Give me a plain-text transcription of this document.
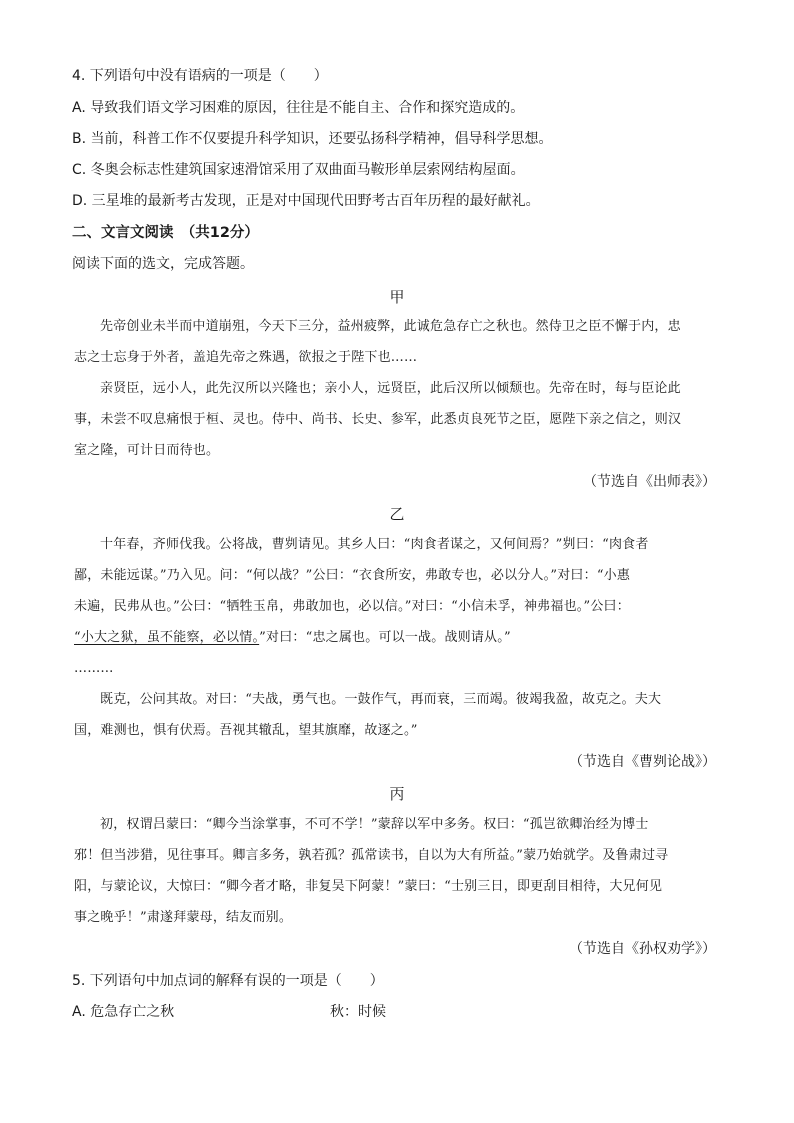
4. 下列语句中没有语病的一项是（　　）
A. 导致我们语文学习困难的原因，往往是不能自主、合作和探究造成的。
B. 当前，科普工作不仅要提升科学知识，还要弘扬科学精神，倡导科学思想。
C. 冬奥会标志性建筑国家速滑馆采用了双曲面马鞍形单层索网结构屋面。
D. 三星堆的最新考古发现，正是对中国现代田野考古百年历程的最好献礼。
二、文言文阅读　（共12分）
阅读下面的选文，完成答题。
甲
先帝创业未半而中道崩殂，今天下三分，益州疲弊，此诚危急存亡之秋也。然侍卫之臣不懈于内，忠
志之士忘身于外者，盖追先帝之殊遇，欲报之于陛下也……
亲贤臣，远小人，此先汉所以兴隆也；亲小人，远贤臣，此后汉所以倾颓也。先帝在时，每与臣论此
事，未尝不叹息痛恨于桓、灵也。侍中、尚书、长史、参军，此悉贞良死节之臣，愿陛下亲之信之，则汉
室之隆，可计日而待也。
（节选自《出师表》）
乙
十年春，齐师伐我。公将战，曹刿请见。其乡人曰：“肉食者谋之，又何间焉？”刿曰：“肉食者
鄙，未能远谋。”乃入见。问：“何以战？”公曰：“衣食所安，弗敢专也，必以分人。”对曰：“小惠
未遍，民弗从也。”公曰：“牺牲玉帛，弗敢加也，必以信。”对曰：“小信未孚，神弗福也。”公曰：
“小大之狱，虽不能察，必以情。”对曰：“忠之属也。可以一战。战则请从。”
………
既克，公问其故。对曰：“夫战，勇气也。一鼓作气，再而衰，三而竭。彼竭我盈，故克之。夫大
国，难测也，惧有伏焉。吾视其辙乱，望其旗靡，故逐之。”
（节选自《曹刿论战》）
丙
初，权谓吕蒙曰：“卿今当涂掌事，不可不学！”蒙辞以军中多务。权曰：“孤岂欲卿治经为博士
邪！但当涉猎，见往事耳。卿言多务，孰若孤？孤常读书，自以为大有所益。”蒙乃始就学。及鲁肃过寻
阳，与蒙论议，大惊曰：“卿今者才略，非复吴下阿蒙！”蒙曰：“士别三日，即更刮目相待，大兄何见
事之晚乎！”肃遂拜蒙母，结友而别。
（节选自《孙权劝学》）
5. 下列语句中加点词的解释有误的一项是（　　）
A. 危急存亡之秋	秋：时候
